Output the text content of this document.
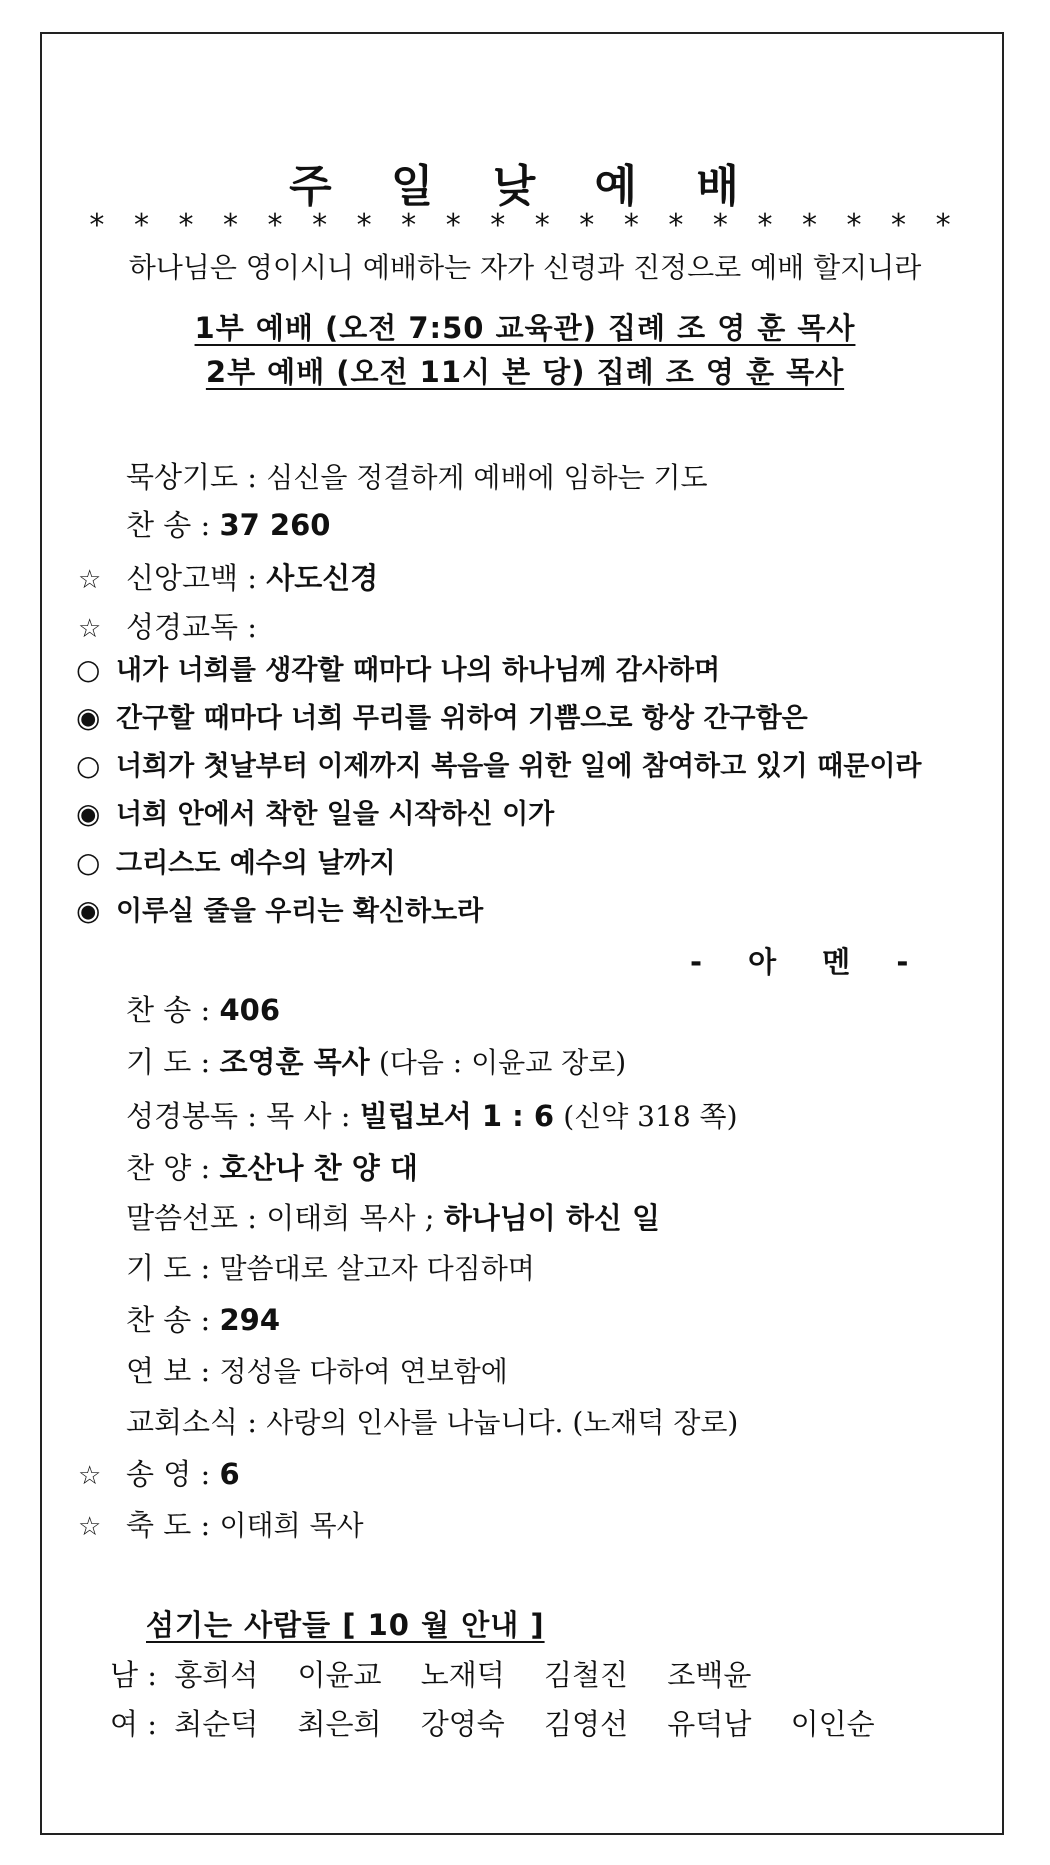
주 일 낮 예 배
* * * * * * * * * * * * * * * * * * * *
하나님은 영이시니 예배하는 자가 신령과 진정으로 예배 할지니라
1부 예배 (오전 7:50 교육관) 집례 조 영 훈 목사
2부 예배 (오전 11시 본 당) 집례 조 영 훈 목사
묵상기도 : 심신을 정결하게 예배에 임하는 기도
찬 송 : 37 260
☆ 신앙고백 : 사도신경
☆ 성경교독 :
○ 내가 너희를 생각할 때마다 나의 하나님께 감사하며
◉ 간구할 때마다 너희 무리를 위하여 기쁨으로 항상 간구함은
○ 너희가 첫날부터 이제까지 복음을 위한 일에 참여하고 있기 때문이라
◉ 너희 안에서 착한 일을 시작하신 이가
○ 그리스도 예수의 날까지
◉ 이루실 줄을 우리는 확신하노라
- 아 멘 -
찬 송 : 406
기 도 : 조영훈 목사 (다음 : 이윤교 장로)
성경봉독 : 목 사 : 빌립보서 1 : 6 (신약 318 쪽)
찬 양 : 호산나 찬 양 대
말씀선포 : 이태희 목사 ; 하나님이 하신 일
기 도 : 말씀대로 살고자 다짐하며
찬 송 : 294
연 보 : 정성을 다하여 연보함에
교회소식 : 사랑의 인사를 나눕니다. (노재덕 장로)
☆ 송 영 : 6
☆ 축 도 : 이태희 목사
섬기는 사람들 [ 10 월 안내 ]
남 : 홍희석 이윤교 노재덕 김철진 조백윤
여 : 최순덕 최은희 강영숙 김영선 유덕남 이인순
